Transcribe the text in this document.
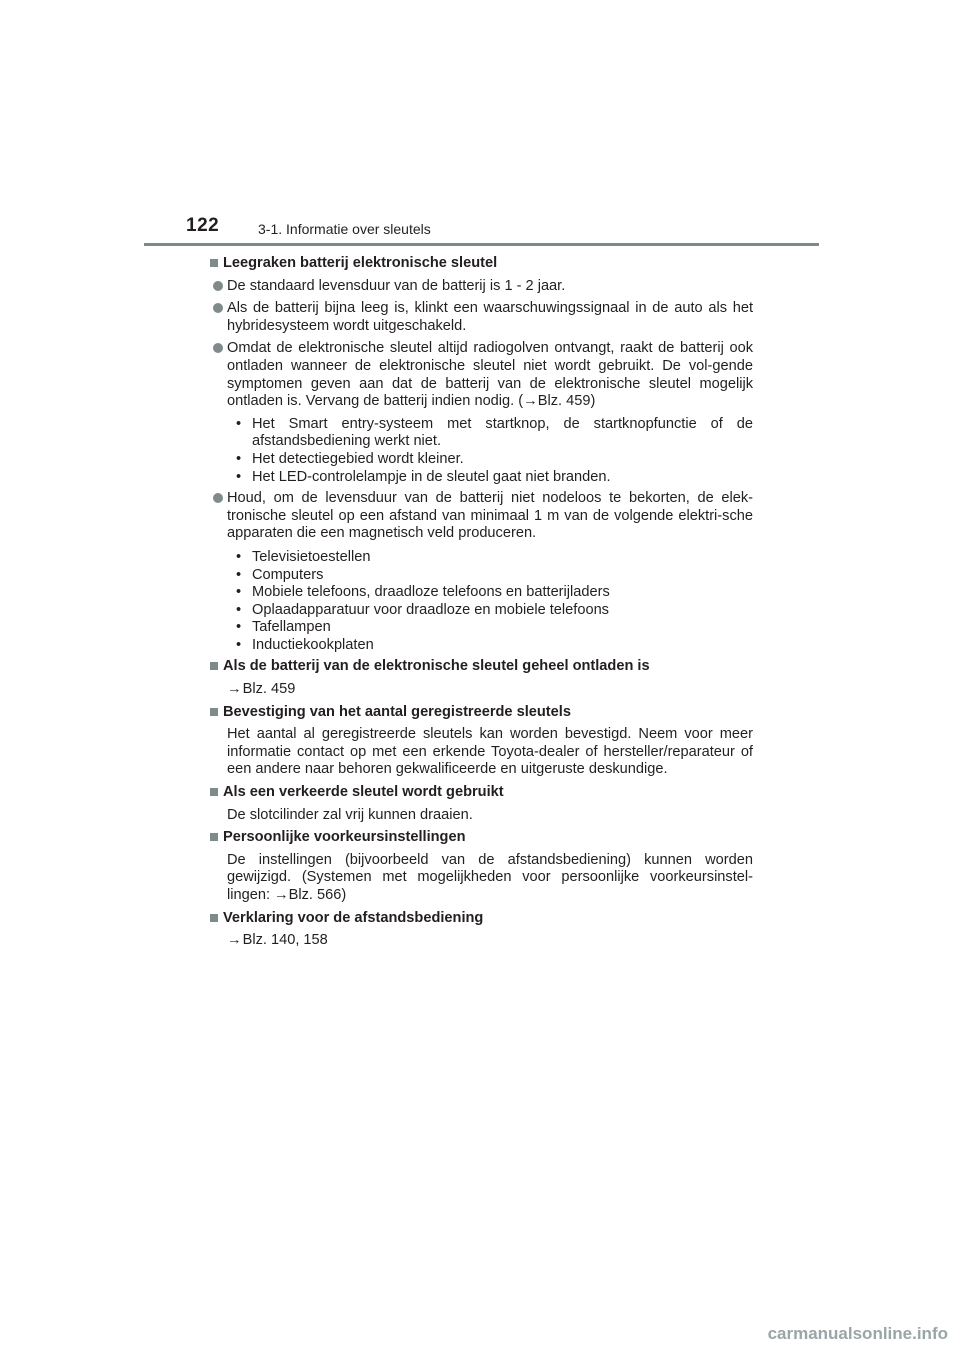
122	3-1. Informatie over sleutels
Leegraken batterij elektronische sleutel
De standaard levensduur van de batterij is 1 - 2 jaar.
Als de batterij bijna leeg is, klinkt een waarschuwingssignaal in de auto als het hybridesysteem wordt uitgeschakeld.
Omdat de elektronische sleutel altijd radiogolven ontvangt, raakt de batterij ook ontladen wanneer de elektronische sleutel niet wordt gebruikt. De vol-gende symptomen geven aan dat de batterij van de elektronische sleutel mogelijk ontladen is. Vervang de batterij indien nodig. (→Blz. 459)
• Het Smart entry-systeem met startknop, de startknopfunctie of de afstandsbediening werkt niet.
• Het detectiegebied wordt kleiner.
• Het LED-controlelampje in de sleutel gaat niet branden.
Houd, om de levensduur van de batterij niet nodeloos te bekorten, de elek-tronische sleutel op een afstand van minimaal 1 m van de volgende elektri-sche apparaten die een magnetisch veld produceren.
• Televisietoestellen
• Computers
• Mobiele telefoons, draadloze telefoons en batterijladers
• Oplaadapparatuur voor draadloze en mobiele telefoons
• Tafellampen
• Inductiekookplaten
Als de batterij van de elektronische sleutel geheel ontladen is
→Blz. 459
Bevestiging van het aantal geregistreerde sleutels
Het aantal al geregistreerde sleutels kan worden bevestigd. Neem voor meer informatie contact op met een erkende Toyota-dealer of hersteller/reparateur of een andere naar behoren gekwalificeerde en uitgeruste deskundige.
Als een verkeerde sleutel wordt gebruikt
De slotcilinder zal vrij kunnen draaien.
Persoonlijke voorkeursinstellingen
De instellingen (bijvoorbeeld van de afstandsbediening) kunnen worden gewijzigd. (Systemen met mogelijkheden voor persoonlijke voorkeursinstel-lingen: →Blz. 566)
Verklaring voor de afstandsbediening
→Blz. 140, 158
carmanualsonline.info
